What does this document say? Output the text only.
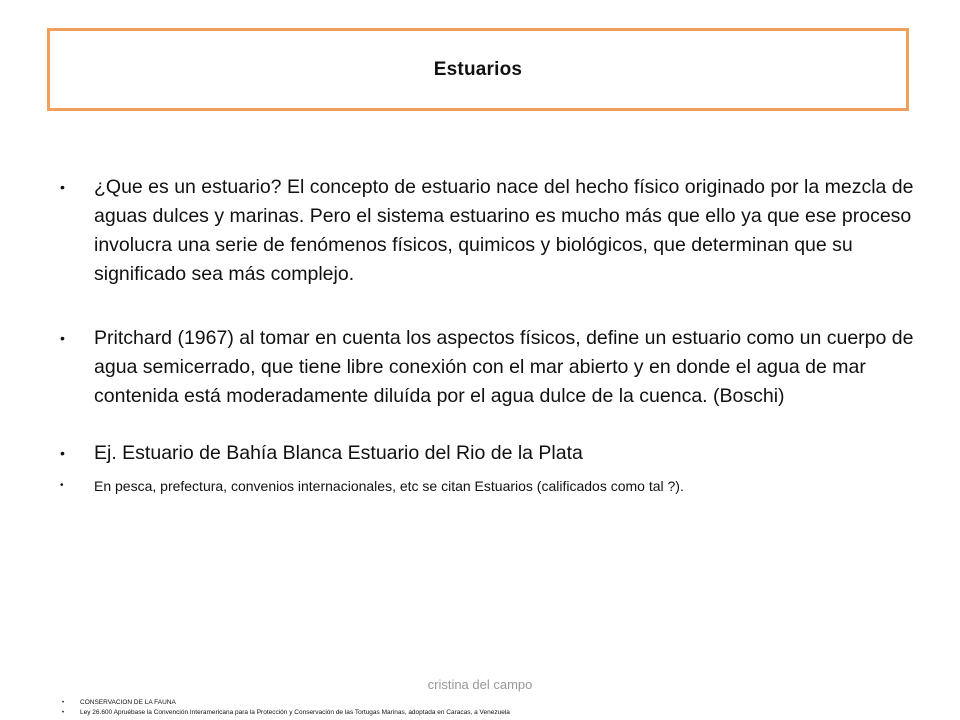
Estuarios
• ¿Que es un estuario? El concepto de estuario nace del hecho físico originado por la mezcla de aguas dulces y marinas. Pero el sistema estuarino es mucho más que ello ya que ese proceso involucra una serie de fenómenos físicos, quimicos y biológicos, que determinan que su significado sea más complejo.
• Pritchard (1967) al tomar en cuenta los aspectos físicos, define un estuario como un cuerpo de agua semicerrado, que tiene libre conexión con el mar abierto y en donde el agua de mar contenida está moderadamente diluída por el agua dulce de la cuenca. (Boschi)
• Ej. Estuario de Bahía Blanca Estuario del Rio de la Plata
• En pesca, prefectura, convenios internacionales, etc se citan Estuarios (calificados como tal ?).
cristina del campo
• CONSERVACION DE LA FAUNA
• Ley 26.600 Apruébase la Convención Interamericana para la Protección y Conservación de las Tortugas Marinas, adoptada en Caracas, a Venezuela
